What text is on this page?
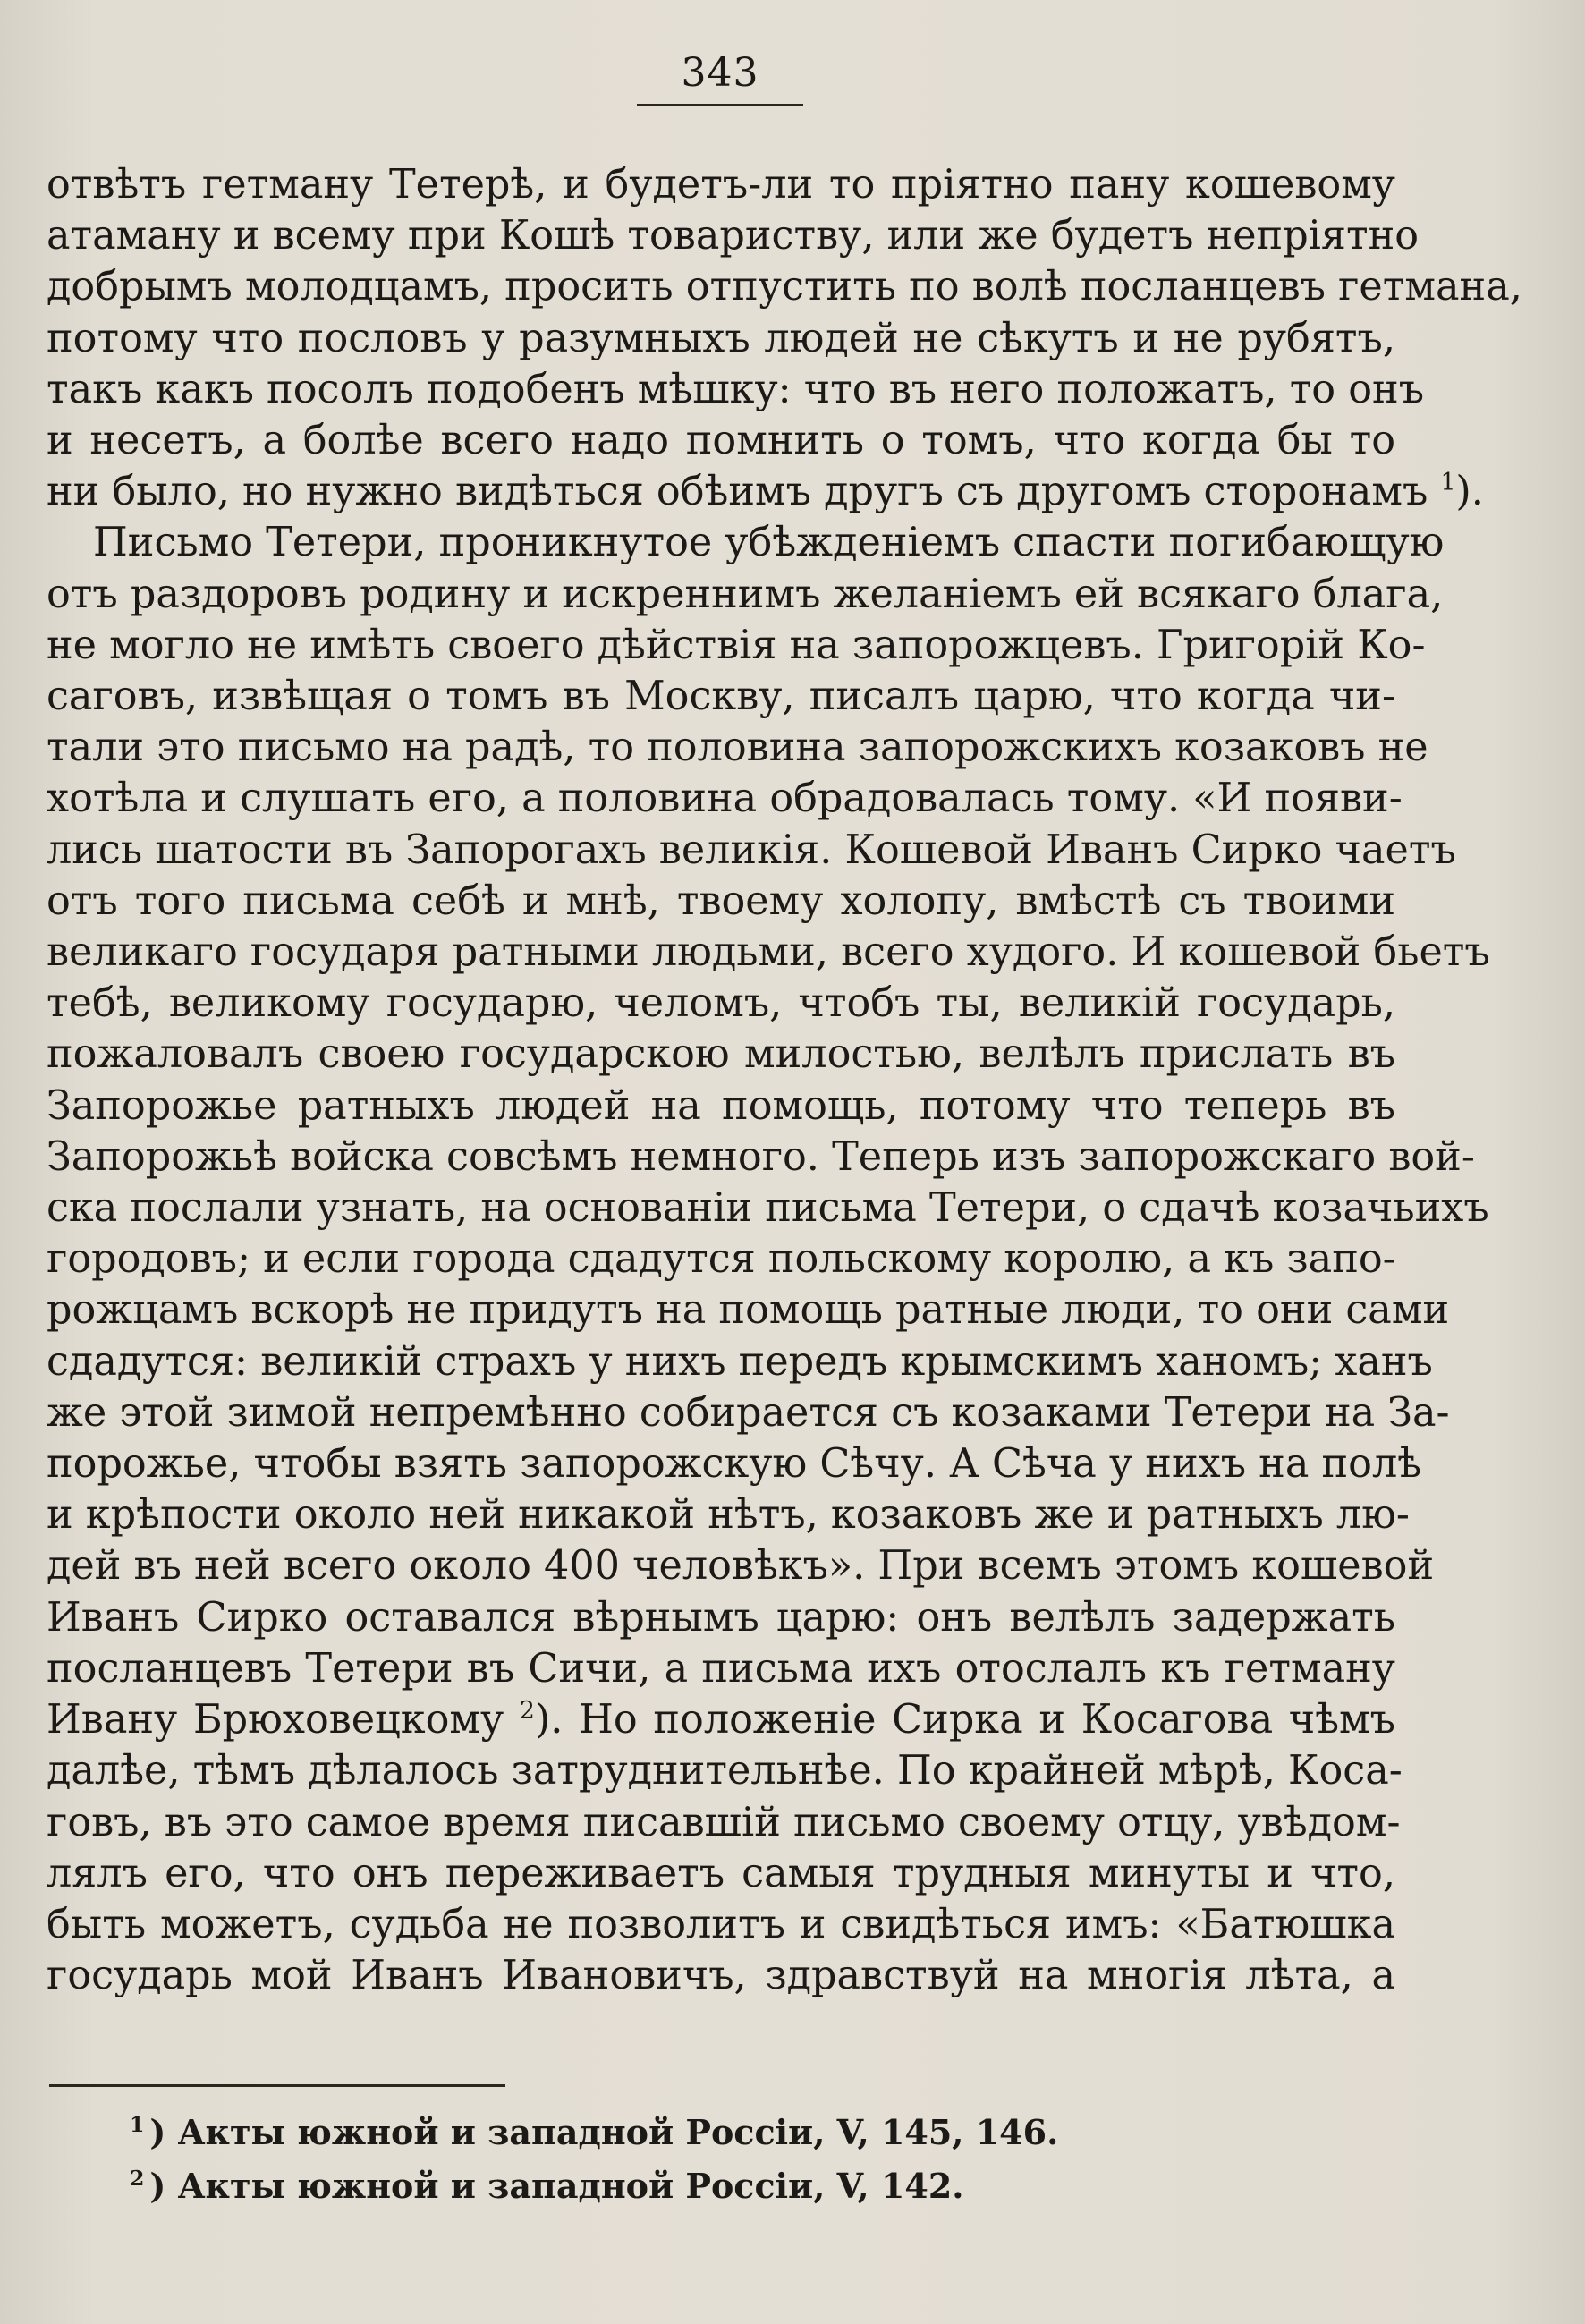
343
отвѣтъ гетману Тетерѣ, и будетъ-ли то пріятно пану кошевому
атаману и всему при Кошѣ товариству, или же будетъ непріятно
добрымъ молодцамъ, просить отпустить по волѣ посланцевъ гетмана,
потому что пословъ у разумныхъ людей не сѣкутъ и не рубятъ,
такъ какъ посолъ подобенъ мѣшку: что въ него положатъ, то онъ
и несетъ, а болѣе всего надо помнить о томъ, что когда бы то
ни было, но нужно видѣться обѣимъ другъ съ другомъ сторонамъ $^1$).
Письмо Тетери, проникнутое убѣжденіемъ спасти погибающую
отъ раздоровъ родину и искреннимъ желаніемъ ей всякаго блага,
не могло не имѣть своего дѣйствія на запорожцевъ. Григорій Ко-
саговъ, извѣщая о томъ въ Москву, писалъ царю, что когда чи-
тали это письмо на радѣ, то половина запорожскихъ козаковъ не
хотѣла и слушать его, а половина обрадовалась тому. «И появи-
лись шатости въ Запорогахъ великія. Кошевой Иванъ Сирко чаетъ
отъ того письма себѣ и мнѣ, твоему холопу, вмѣстѣ съ твоими
великаго государя ратными людьми, всего худого. И кошевой бьетъ
тебѣ, великому государю, челомъ, чтобъ ты, великій государь,
пожаловалъ своею государскою милостью, велѣлъ прислать въ
Запорожье ратныхъ людей на помощь, потому что теперь въ
Запорожьѣ войска совсѣмъ немного. Теперь изъ запорожскаго вой-
ска послали узнать, на основаніи письма Тетери, о сдачѣ козачьихъ
городовъ; и если города сдадутся польскому королю, а къ запо-
рожцамъ вскорѣ не придутъ на помощь ратные люди, то они сами
сдадутся: великій страхъ у нихъ передъ крымскимъ ханомъ; ханъ
же этой зимой непремѣнно собирается съ козаками Тетери на За-
порожье, чтобы взять запорожскую Сѣчу. А Сѣча у нихъ на полѣ
и крѣпости около ней никакой нѣтъ, козаковъ же и ратныхъ лю-
дей въ ней всего около 400 человѣкъ». При всемъ этомъ кошевой
Иванъ Сирко оставался вѣрнымъ царю: онъ велѣлъ задержать
посланцевъ Тетери въ Сичи, а письма ихъ отослалъ къ гетману
Ивану Брюховецкому $^2$). Но положеніе Сирка и Косагова чѣмъ
далѣе, тѣмъ дѣлалось затруднительнѣе. По крайней мѣрѣ, Коса-
говъ, въ это самое время писавшій письмо своему отцу, увѣдом-
лялъ его, что онъ переживаетъ самыя трудныя минуты и что,
быть можетъ, судьба не позволитъ и свидѣться имъ: «Батюшка
государь мой Иванъ Ивановичъ, здравствуй на многія лѣта, а
$^1$ ) Акты южной и западной Россіи, V, 145, 146.
$^2$ ) Акты южной и западной Россіи, V, 142.
